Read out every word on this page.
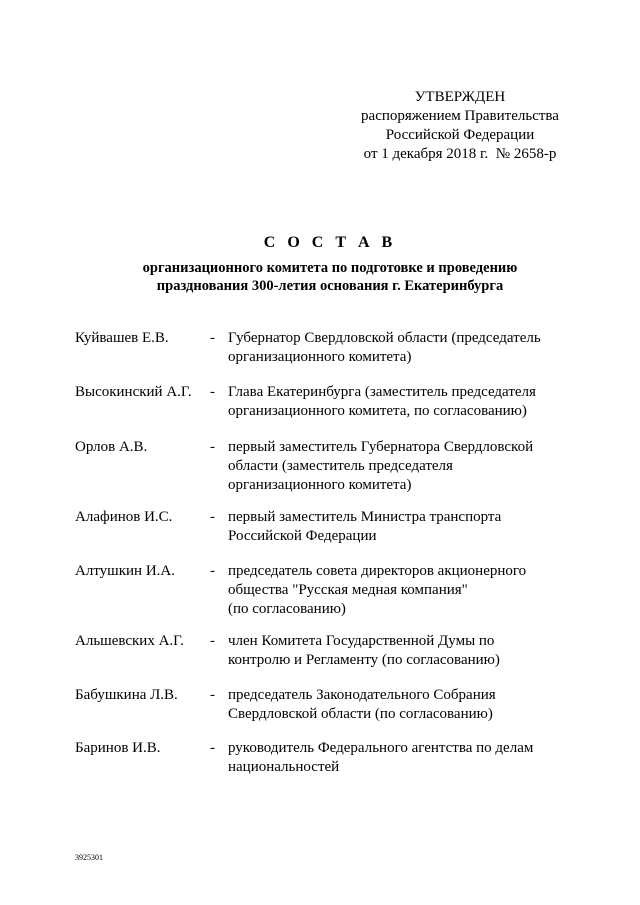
УТВЕРЖДЕН
распоряжением Правительства
Российской Федерации
от 1 декабря 2018 г.  № 2658-р
С О С Т А В
организационного комитета по подготовке и проведению
празднования 300-летия основания г. Екатеринбурга
Куйвашев Е.В.	- Губернатор Свердловской области (председатель
организационного комитета)
Высокинский А.Г. - Глава Екатеринбурга (заместитель председателя
организационного комитета, по согласованию)
Орлов А.В.	- первый заместитель Губернатора Свердловской
области (заместитель председателя
организационного комитета)
Алафинов И.С.	- первый заместитель Министра транспорта
Российской Федерации
Алтушкин И.А. - председатель совета директоров акционерного
общества "Русская медная компания"
(по согласованию)
Альшевских А.Г. - член Комитета Государственной Думы по
контролю и Регламенту (по согласованию)
Бабушкина Л.В. - председатель Законодательного Собрания
Свердловской области (по согласованию)
Баринов И.В.	- руководитель Федерального агентства по делам
национальностей
3925301
